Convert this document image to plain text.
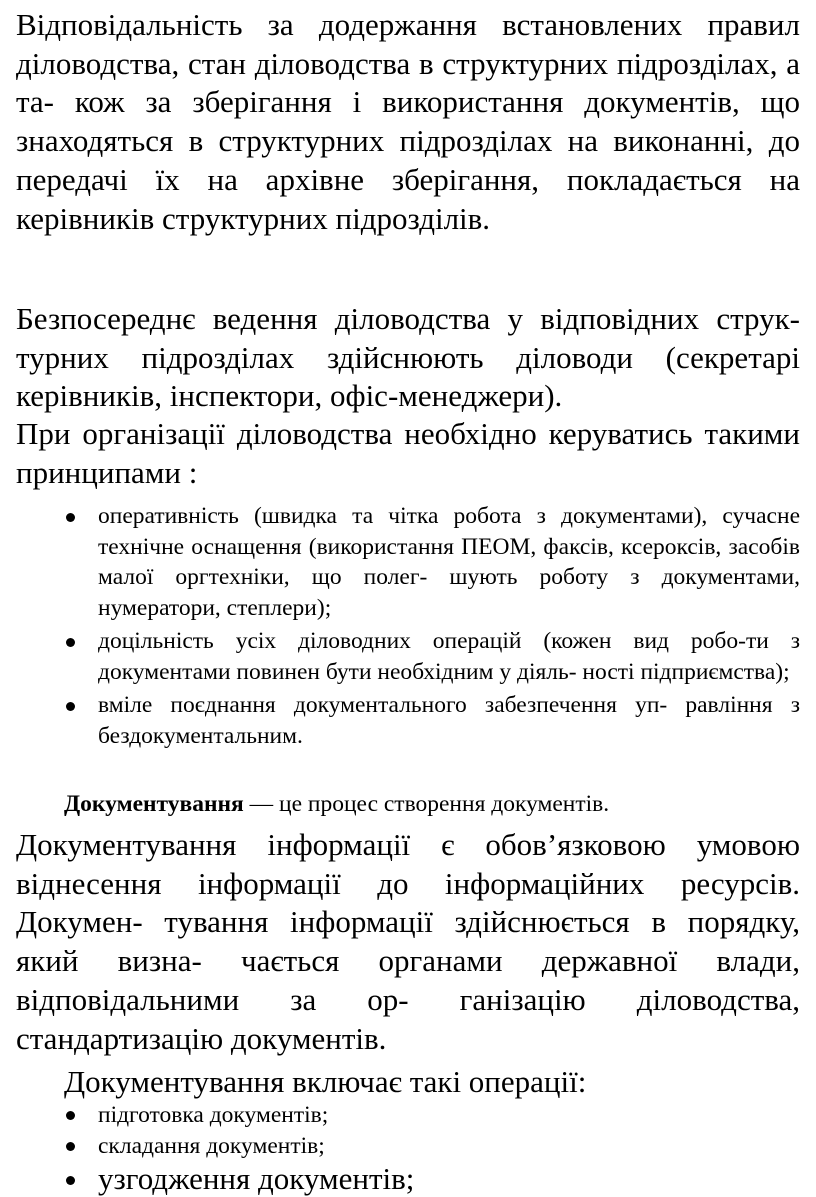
Відповідальність за додержання встановлених правил діловодства, стан діловодства в структурних підрозділах, а та- кож за зберігання і використання документів, що знаходяться в структурних підрозділах на виконанні, до передачі їх на архівне зберігання, покладається на керівників структурних підрозділів.

Безпосереднє ведення діловодства у відповідних струк- турних підрозділах здійснюють діловоди (секретарі керівників, інспектори, офіс-менеджери).

При організації діловодства необхідно керуватись такими принципами :

оперативність (швидка та чітка робота з документами), сучасне технічне оснащення (використання ПЕОМ, факсів, ксероксів, засобів малої оргтехніки, що полег- шують роботу з документами, нумератори, степлери);
доцільність усіх діловодних операцій (кожен вид робо-ти з документами повинен бути необхідним у діяль- ності підприємства);
вміле поєднання документального забезпечення уп- равління з бездокументальним.

Документування — це процес створення документів.

Документування інформації є обов’язковою умовою віднесення інформації до інформаційних ресурсів. Докумен- тування інформації здійснюється в порядку, який визна- чається органами державної влади, відповідальними за ор- ганізацію діловодства, стандартизацію документів.

Документування включає такі операції:

підготовка документів;
складання документів;
узгодження документів;
